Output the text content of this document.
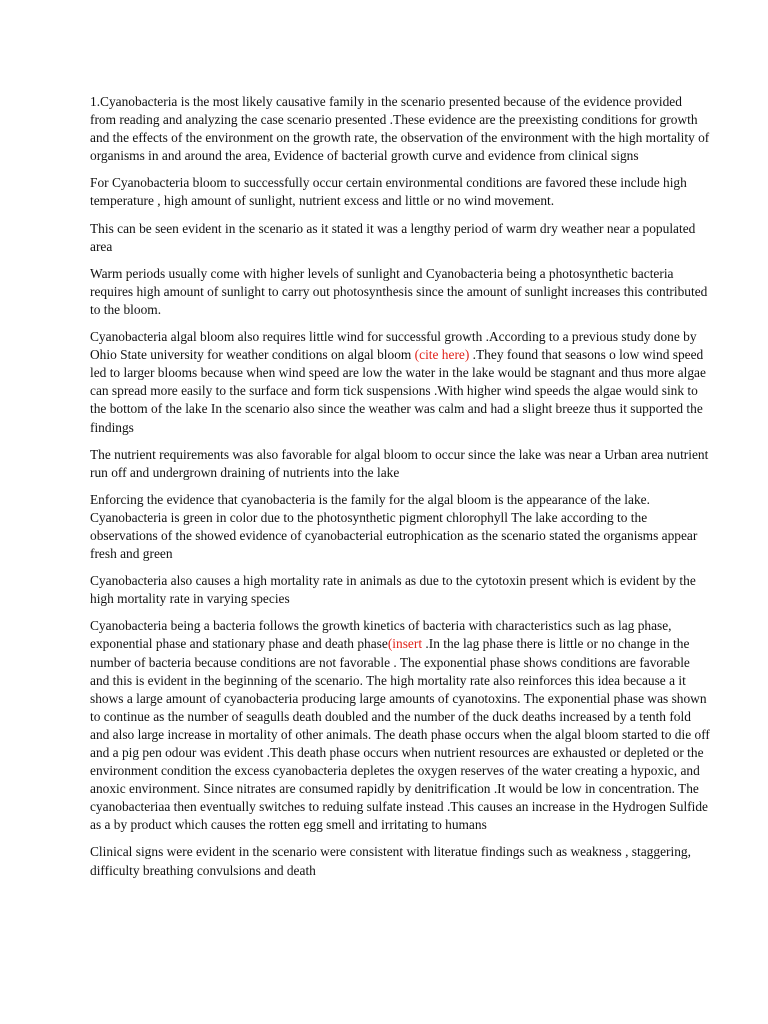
1.Cyanobacteria is the most likely causative family in the scenario presented because of the evidence provided from reading and analyzing the case scenario presented .These evidence are the preexisting conditions for growth and the effects of the environment on the growth rate, the observation of the environment with the high mortality of organisms in and around the area, Evidence of bacterial growth curve and evidence from clinical signs

For Cyanobacteria bloom to successfully occur certain environmental conditions are favored these include high temperature , high amount of sunlight, nutrient excess and little or no wind movement.

This can be seen evident in the scenario as it stated it was a lengthy period of warm dry weather near a populated area

Warm periods usually come with higher levels of sunlight and Cyanobacteria being a photosynthetic bacteria requires high amount of sunlight to carry out photosynthesis since the amount of sunlight increases this contributed to the bloom.

Cyanobacteria algal bloom also requires little wind for successful growth .According to a previous study done by Ohio State university for weather conditions on algal bloom (cite here) .They found that seasons o low wind speed led to larger blooms because when wind speed are low the water in the lake would be stagnant and thus more algae can spread more easily to the surface and form tick suspensions .With higher wind speeds the algae would sink to the bottom of the lake In the scenario also since the weather was calm and had a slight breeze thus it supported the findings

The nutrient requirements was also favorable for algal bloom to occur since the lake was near a Urban area nutrient run off and undergrown draining of nutrients into the lake

Enforcing the evidence that cyanobacteria is the family for the algal bloom is the appearance of the lake. Cyanobacteria is green in color due to the photosynthetic pigment chlorophyll The lake according to the observations of the showed evidence of cyanobacterial eutrophication as the scenario stated the organisms appear fresh and green

Cyanobacteria also causes a high mortality rate in animals as due to the cytotoxin present which is evident by the high mortality rate in varying species

Cyanobacteria being a bacteria follows the growth kinetics of bacteria with characteristics such as lag phase, exponential phase and stationary phase and death phase(insert .In the lag phase there is little or no change in the number of bacteria because conditions are not favorable . The exponential phase shows conditions are favorable and this is evident in the beginning of the scenario. The high mortality rate also reinforces this idea because a it shows a large amount of cyanobacteria producing large amounts of cyanotoxins. The exponential phase was shown to continue as the number of seagulls death doubled and the number of the duck deaths increased by a tenth fold and also large increase in mortality of other animals. The death phase occurs when the algal bloom started to die off and a pig pen odour was evident .This death phase occurs when nutrient resources are exhausted or depleted or the environment condition the excess cyanobacteria depletes the oxygen reserves of the water creating a hypoxic, and anoxic environment. Since nitrates are consumed rapidly by denitrification .It would be low in concentration. The cyanobacteriaa then eventually switches to reduing sulfate instead .This causes an increase in the Hydrogen Sulfide as a by product which causes the rotten egg smell and irritating to humans

Clinical signs were evident in the scenario were consistent with literatue findings such as weakness , staggering, difficulty breathing convulsions and death
